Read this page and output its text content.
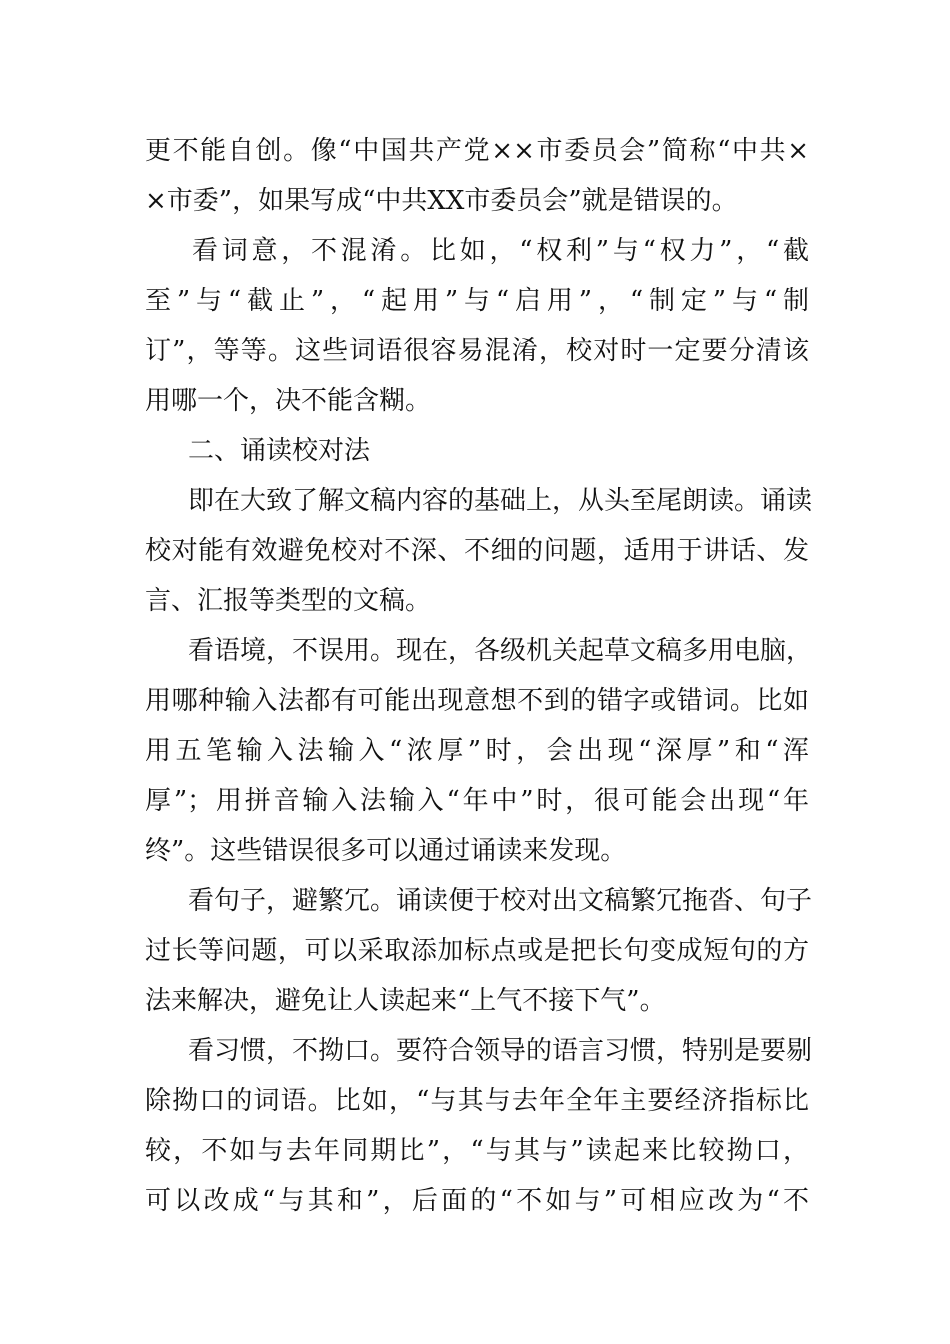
更不能自创。像“中国共产党××市委员会”简称“中共×

×市委”，如果写成“中共XX市委员会”就是错误的。

看词意，不混淆。比如，“权利”与“权力”，“截

至”与“截止”，“起用”与“启用”，“制定”与“制

订”，等等。这些词语很容易混淆，校对时一定要分清该

用哪一个，决不能含糊。

二、诵读校对法

即在大致了解文稿内容的基础上，从头至尾朗读。诵读

校对能有效避免校对不深、不细的问题，适用于讲话、发

言、汇报等类型的文稿。

看语境，不误用。现在，各级机关起草文稿多用电脑，

用哪种输入法都有可能出现意想不到的错字或错词。比如

用五笔输入法输入“浓厚”时，会出现“深厚”和“浑

厚”；用拼音输入法输入“年中”时，很可能会出现“年

终”。这些错误很多可以通过诵读来发现。

看句子，避繁冗。诵读便于校对出文稿繁冗拖沓、句子

过长等问题，可以采取添加标点或是把长句变成短句的方

法来解决，避免让人读起来“上气不接下气”。

看习惯，不拗口。要符合领导的语言习惯，特别是要剔

除拗口的词语。比如，“与其与去年全年主要经济指标比

较，不如与去年同期比”，“与其与”读起来比较拗口，

可以改成“与其和”，后面的“不如与”可相应改为“不
